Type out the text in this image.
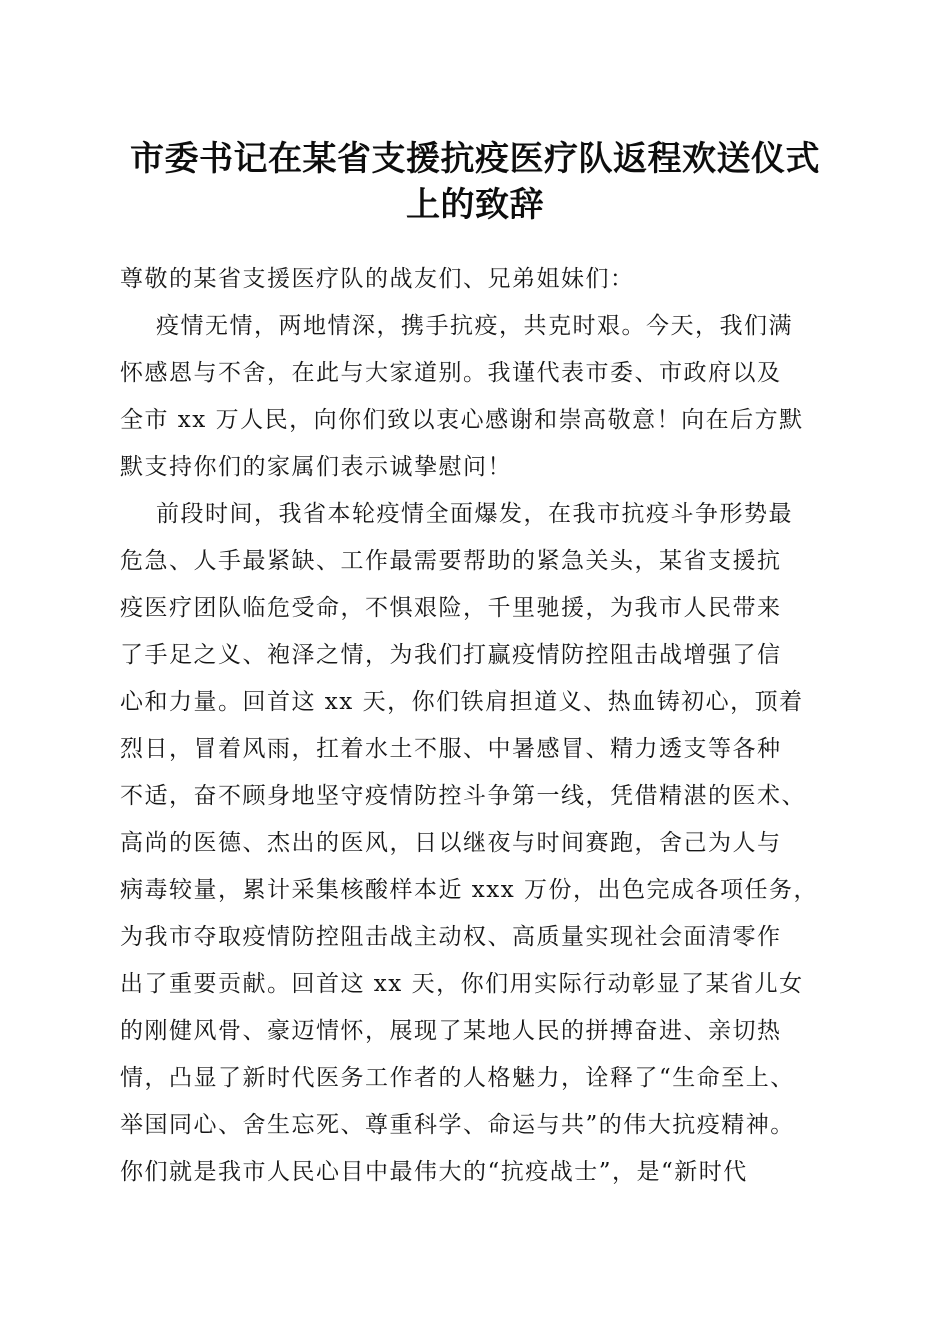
市委书记在某省支援抗疫医疗队返程欢送仪式
上的致辞
尊敬的某省支援医疗队的战友们、兄弟姐妹们：
疫情无情，两地情深，携手抗疫，共克时艰。今天，我们满
怀感恩与不舍，在此与大家道别。我谨代表市委、市政府以及
全市 xx 万人民，向你们致以衷心感谢和崇高敬意！向在后方默
默支持你们的家属们表示诚挚慰问！
前段时间，我省本轮疫情全面爆发，在我市抗疫斗争形势最
危急、人手最紧缺、工作最需要帮助的紧急关头，某省支援抗
疫医疗团队临危受命，不惧艰险，千里驰援，为我市人民带来
了手足之义、袍泽之情，为我们打赢疫情防控阻击战增强了信
心和力量。回首这 xx 天，你们铁肩担道义、热血铸初心，顶着
烈日，冒着风雨，扛着水土不服、中暑感冒、精力透支等各种
不适，奋不顾身地坚守疫情防控斗争第一线，凭借精湛的医术、
高尚的医德、杰出的医风，日以继夜与时间赛跑，舍己为人与
病毒较量，累计采集核酸样本近 xxx 万份，出色完成各项任务，
为我市夺取疫情防控阻击战主动权、高质量实现社会面清零作
出了重要贡献。回首这 xx 天，你们用实际行动彰显了某省儿女
的刚健风骨、豪迈情怀，展现了某地人民的拼搏奋进、亲切热
情，凸显了新时代医务工作者的人格魅力，诠释了“生命至上、
举国同心、舍生忘死、尊重科学、命运与共”的伟大抗疫精神。
你们就是我市人民心目中最伟大的“抗疫战士”，是“新时代
